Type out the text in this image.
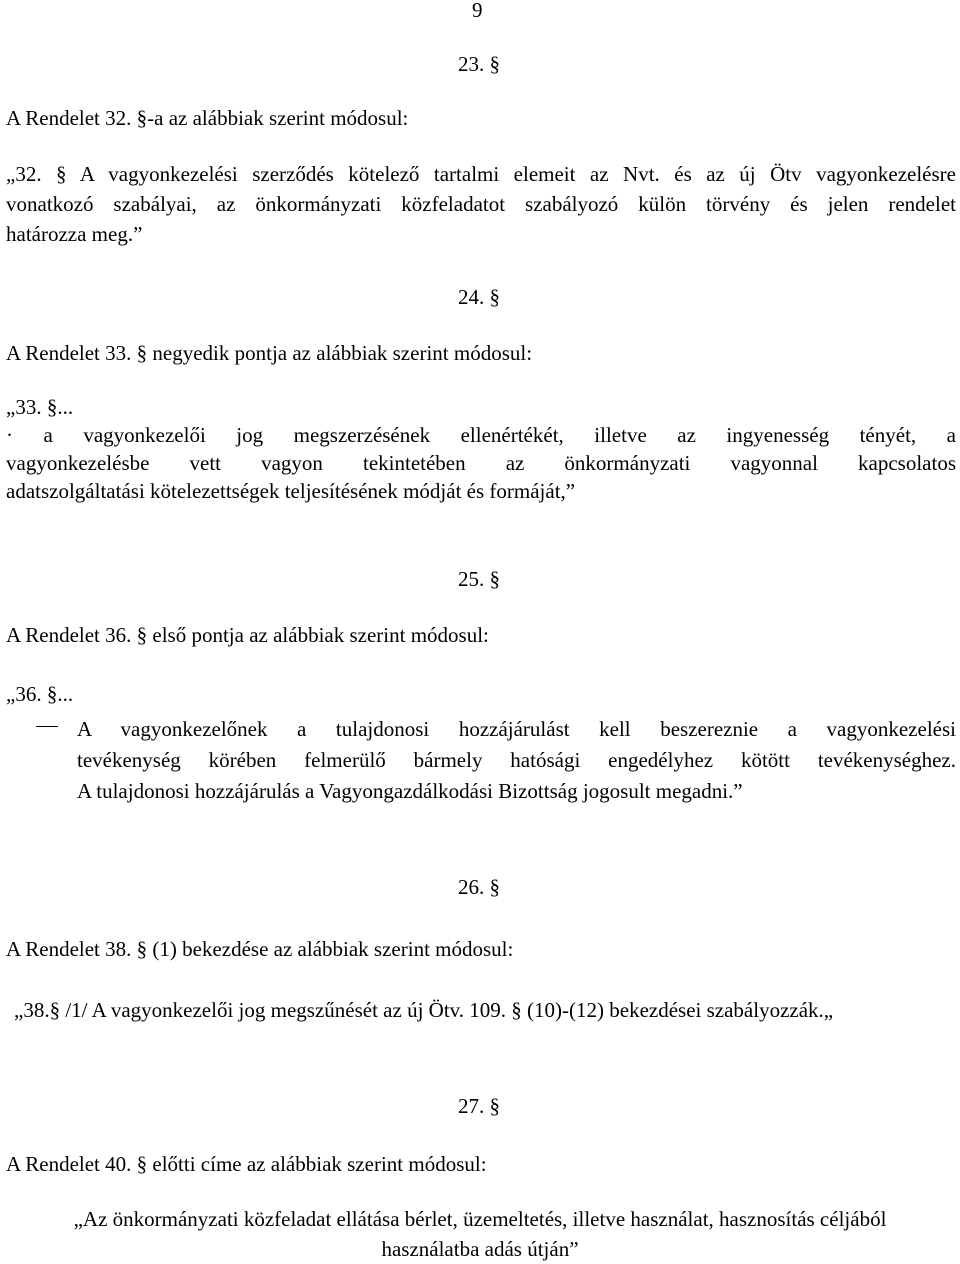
9
23. §
A Rendelet 32. §-a az alábbiak szerint módosul:
„32. § A vagyonkezelési szerződés kötelező tartalmi elemeit az Nvt. és az új Ötv vagyonkezelésre
vonatkozó szabályai, az önkormányzati közfeladatot szabályozó külön törvény és jelen rendelet
határozza meg.”
24. §
A Rendelet 33. § negyedik pontja az alábbiak szerint módosul:
„33. §...
· a vagyonkezelői jog megszerzésének ellenértékét, illetve az ingyenesség tényét, a
vagyonkezelésbe vett vagyon tekintetében az önkormányzati vagyonnal kapcsolatos
adatszolgáltatási kötelezettségek teljesítésének módját és formáját,”
25. §
A Rendelet 36. § első pontja az alábbiak szerint módosul:
„36. §...
A vagyonkezelőnek a tulajdonosi hozzájárulást kell beszereznie a vagyonkezelési
tevékenység körében felmerülő bármely hatósági engedélyhez kötött tevékenységhez.
A tulajdonosi hozzájárulás a Vagyongazdálkodási Bizottság jogosult megadni.”
26. §
A Rendelet 38. § (1) bekezdése az alábbiak szerint módosul:
„38.§ /1/ A vagyonkezelői jog megszűnését az új Ötv. 109. § (10)-(12) bekezdései szabályozzák.„
27. §
A Rendelet 40. § előtti címe az alábbiak szerint módosul:
„Az önkormányzati közfeladat ellátása bérlet, üzemeltetés, illetve használat, hasznosítás céljából
használatba adás útján”
